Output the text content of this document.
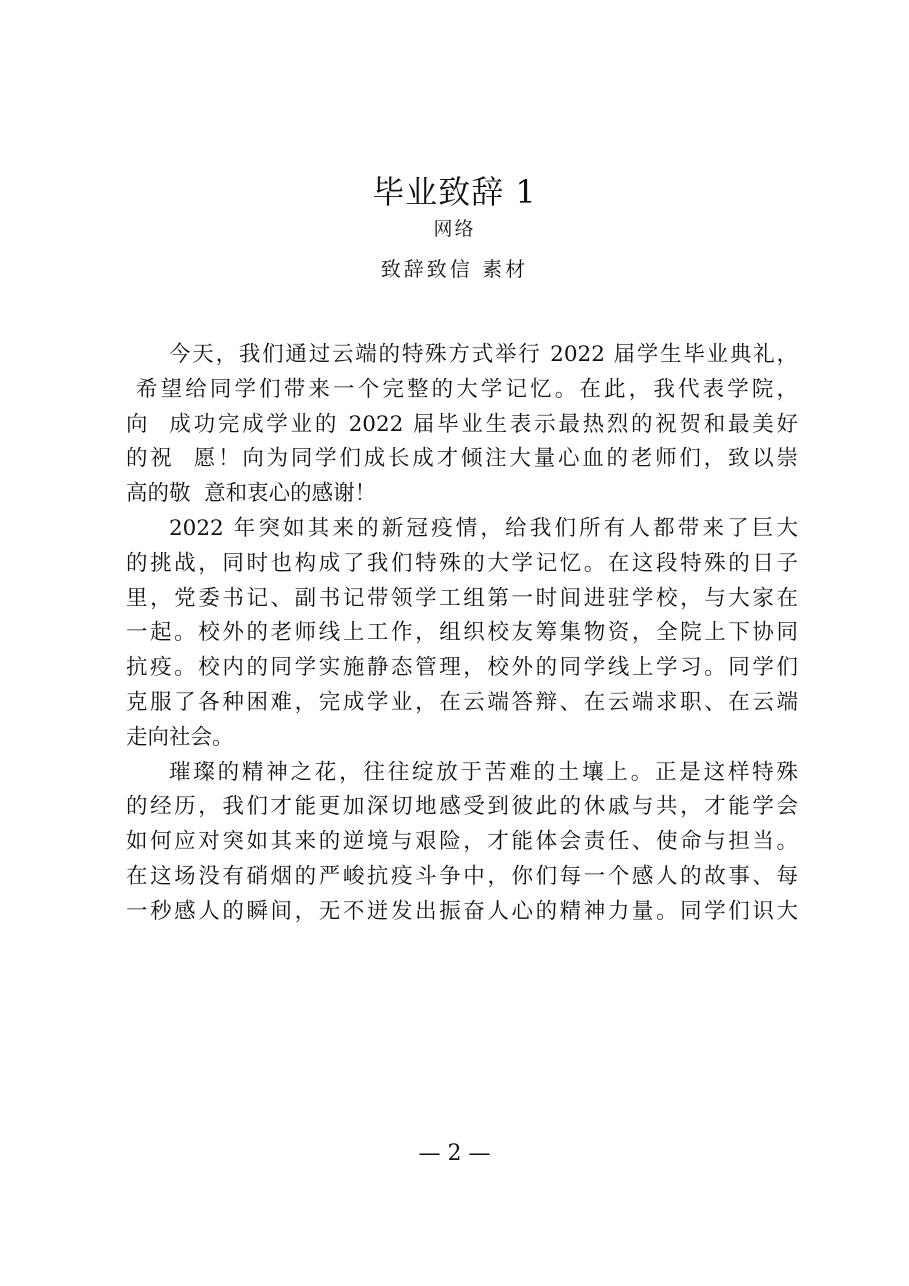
毕业致辞 1
网络
致辞致信 素材
今天，我们通过云端的特殊方式举行 2022 届学生毕业典礼，
希望给同学们带来一个完整的大学记忆。在此，我代表学院，
向  成功完成学业的 2022 届毕业生表示最热烈的祝贺和最美好
的祝  愿！向为同学们成长成才倾注大量心血的老师们，致以崇
高的敬  意和衷心的感谢！
2022 年突如其来的新冠疫情，给我们所有人都带来了巨大
的挑战，同时也构成了我们特殊的大学记忆。在这段特殊的日子
里，党委书记、副书记带领学工组第一时间进驻学校，与大家在
一起。校外的老师线上工作，组织校友筹集物资，全院上下协同
抗疫。校内的同学实施静态管理，校外的同学线上学习。同学们
克服了各种困难，完成学业，在云端答辩、在云端求职、在云端
走向社会。
璀璨的精神之花，往往绽放于苦难的土壤上。正是这样特殊
的经历，我们才能更加深切地感受到彼此的休戚与共，才能学会
如何应对突如其来的逆境与艰险，才能体会责任、使命与担当。
在这场没有硝烟的严峻抗疫斗争中，你们每一个感人的故事、每
一秒感人的瞬间，无不迸发出振奋人心的精神力量。同学们识大
— 2 —
